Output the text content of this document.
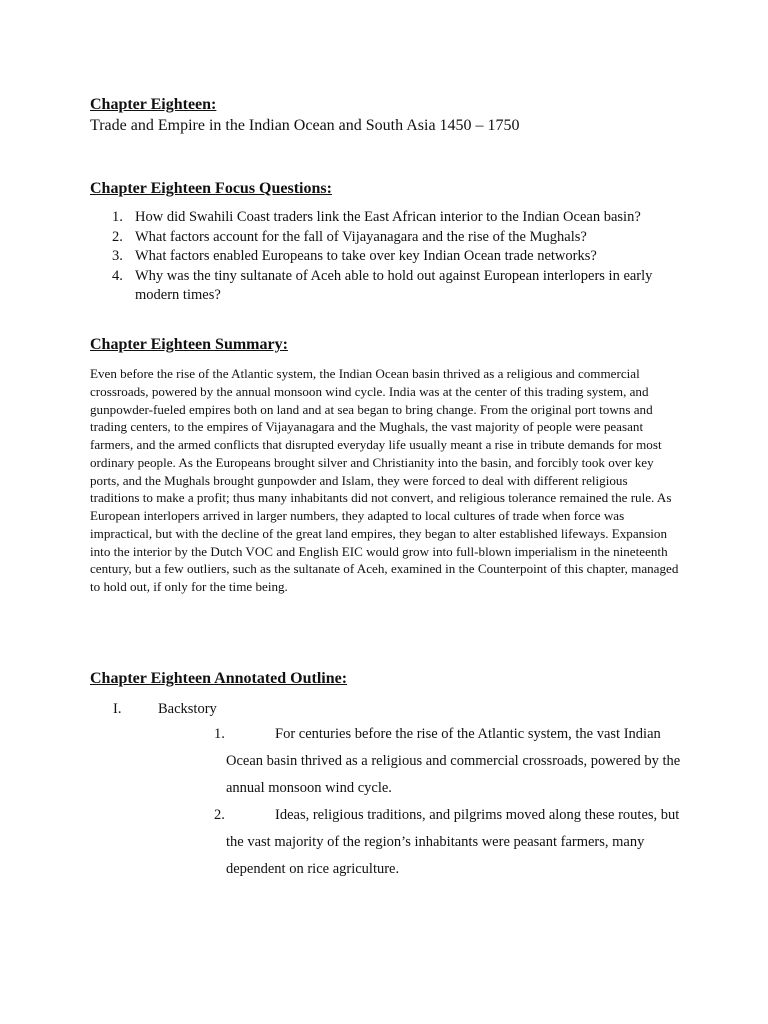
Chapter Eighteen:
Trade and Empire in the Indian Ocean and South Asia 1450 – 1750
Chapter Eighteen Focus Questions:
1. How did Swahili Coast traders link the East African interior to the Indian Ocean basin?
2. What factors account for the fall of Vijayanagara and the rise of the Mughals?
3. What factors enabled Europeans to take over key Indian Ocean trade networks?
4. Why was the tiny sultanate of Aceh able to hold out against European interlopers in early modern times?
Chapter Eighteen Summary:

Even before the rise of the Atlantic system, the Indian Ocean basin thrived as a religious and commercial crossroads, powered by the annual monsoon wind cycle. India was at the center of this trading system, and gunpowder-fueled empires both on land and at sea began to bring change. From the original port towns and trading centers, to the empires of Vijayanagara and the Mughals, the vast majority of people were peasant farmers, and the armed conflicts that disrupted everyday life usually meant a rise in tribute demands for most ordinary people. As the Europeans brought silver and Christianity into the basin, and forcibly took over key ports, and the Mughals brought gunpowder and Islam, they were forced to deal with different religious traditions to make a profit; thus many inhabitants did not convert, and religious tolerance remained the rule. As European interlopers arrived in larger numbers, they adapted to local cultures of trade when force was impractical, but with the decline of the great land empires, they began to alter established lifeways. Expansion into the interior by the Dutch VOC and English EIC would grow into full-blown imperialism in the nineteenth century, but a few outliers, such as the sultanate of Aceh, examined in the Counterpoint of this chapter, managed to hold out, if only for the time being.

Chapter Eighteen Annotated Outline:
I.	Backstory
1.	For centuries before the rise of the Atlantic system, the vast Indian Ocean basin thrived as a religious and commercial crossroads, powered by the annual monsoon wind cycle.

2.	Ideas, religious traditions, and pilgrims moved along these routes, but the vast majority of the region’s inhabitants were peasant farmers, many dependent on rice agriculture.
